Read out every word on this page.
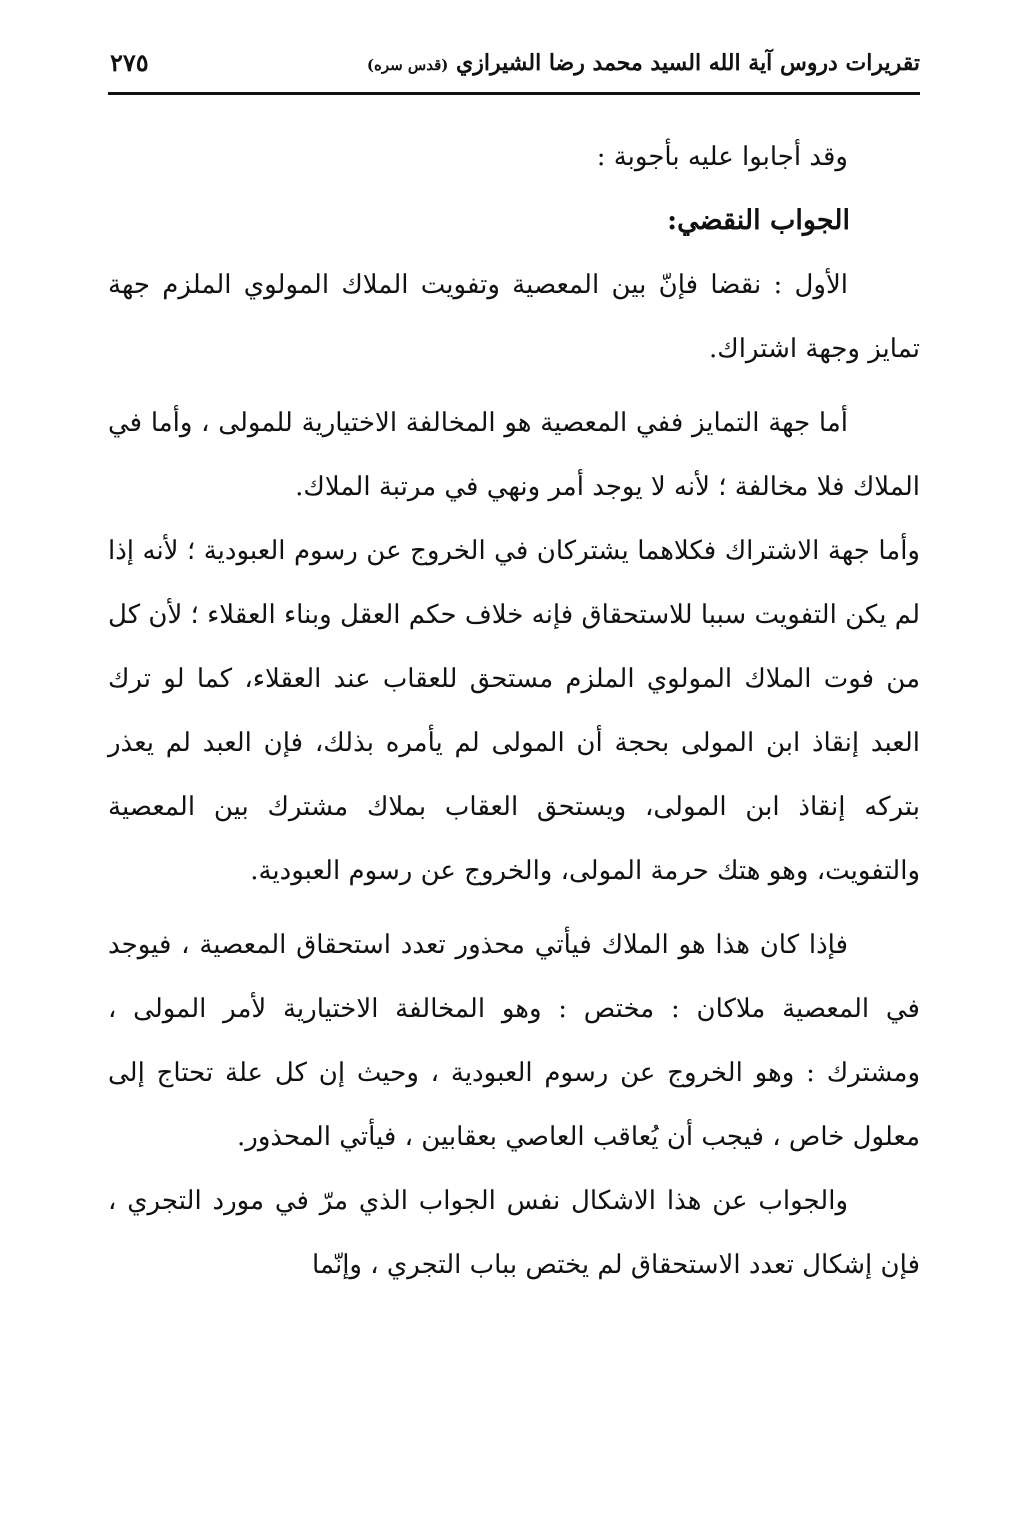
تقريرات دروس آية الله السيد محمد رضا الشيرازي (قدس سره)
٢٧٥

وقد أجابوا عليه بأجوبة :

الجواب النقضي:

الأول : نقضا فإنّ بين المعصية وتفويت الملاك المولوي الملزم جهة تمايز وجهة اشتراك.

أما جهة التمايز ففي المعصية هو المخالفة الاختيارية للمولى ، وأما في الملاك فلا مخالفة ؛ لأنه لا يوجد أمر ونهي في مرتبة الملاك.

وأما جهة الاشتراك فكلاهما يشتركان في الخروج عن رسوم العبودية ؛ لأنه إذا لم يكن التفويت سببا للاستحقاق فإنه خلاف حكم العقل وبناء العقلاء ؛ لأن كل من فوت الملاك المولوي الملزم مستحق للعقاب عند العقلاء، كما لو ترك العبد إنقاذ ابن المولى بحجة أن المولى لم يأمره بذلك، فإن العبد لم يعذر بتركه إنقاذ ابن المولى، ويستحق العقاب بملاك مشترك بين المعصية والتفويت، وهو هتك حرمة المولى، والخروج عن رسوم العبودية.

فإذا كان هذا هو الملاك فيأتي محذور تعدد استحقاق المعصية ، فيوجد في المعصية ملاكان : مختص : وهو المخالفة الاختيارية لأمر المولى ، ومشترك : وهو الخروج عن رسوم العبودية ، وحيث إن كل علة تحتاج إلى معلول خاص ، فيجب أن يُعاقب العاصي بعقابين ، فيأتي المحذور.

والجواب عن هذا الاشكال نفس الجواب الذي مرّ في مورد التجري ، فإن إشكال تعدد الاستحقاق لم يختص بباب التجري ، وإنّما
